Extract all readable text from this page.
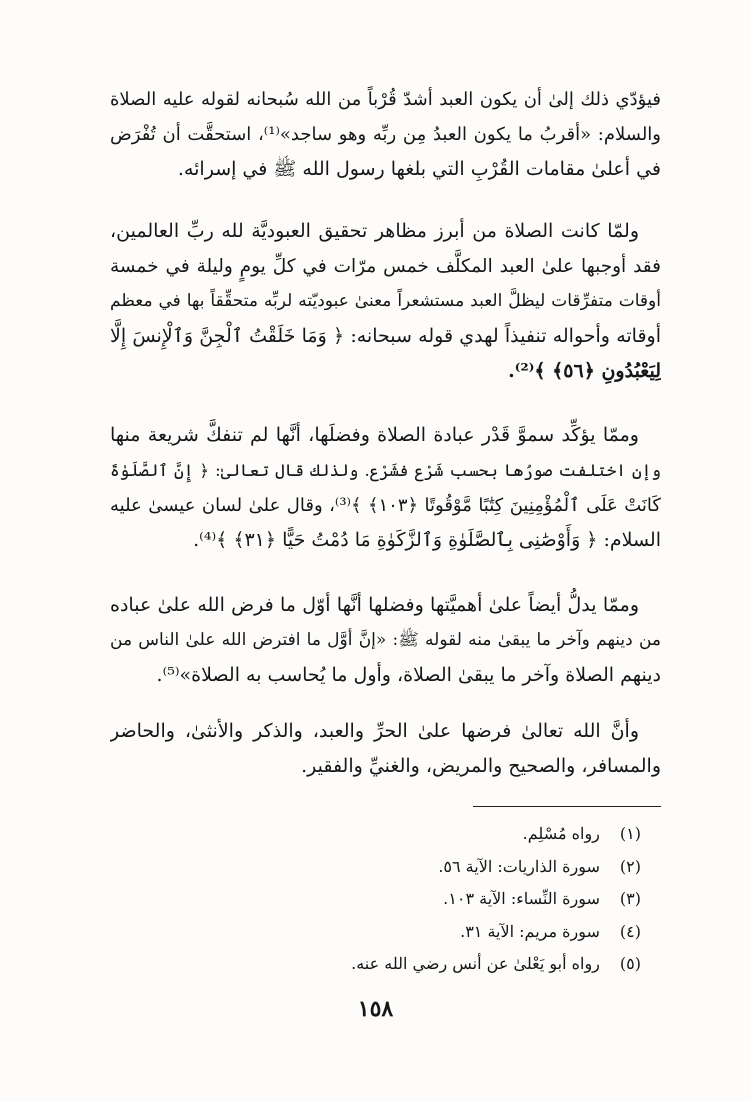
فيؤدّي ذلك إلىٰ أن يكون العبد أشدّ قُرْباً من الله سُبحانه لقوله عليه الصلاة
والسلام: «أقربُ ما يكون العبدُ مِن ربِّه وهو ساجد»⁽¹⁾، استحقَّت أن تُفْرَض
في أعلىٰ مقامات القُرْبِ التي بلغها رسول الله ﷺ في إسرائه.
ولمّا كانت الصلاة من أبرز مظاهر تحقيق العبوديَّة لله ربِّ العالمين،
فقد أوجبها علىٰ العبد المكلَّف خمس مرّات في كلِّ يومٍ وليلة في خمسة
أوقات متفرِّقات ليظلَّ العبد مستشعراً معنىٰ عبوديّته لربِّه متحقِّقاً بها في معظم
أوقاته وأحواله تنفيذاً لهدي قوله سبحانه: ﴿ وَمَا خَلَقْتُ ٱلْجِنَّ وَٱلْإِنسَ إِلَّا
لِيَعْبُدُونِ ﴿٥٦﴾ ﴾⁽²⁾.
وممّا يؤكِّد سموَّ قَدْر عبادة الصلاة وفضلَها، أنَّها لم تنفكَّ شريعة منها
وإن اختلفت صورُها بحسب شَرْع فشَرْع. ولذلك قال تعالىٰ: ﴿ إِنَّ ٱلصَّلَوٰةَ
كَانَتْ عَلَى ٱلْمُؤْمِنِينَ كِتَٰبًا مَّوْقُوتًا ﴿١٠٣﴾ ﴾⁽³⁾، وقال علىٰ لسان عيسىٰ عليه
السلام: ﴿ وَأَوْصَٰنِى بِٱلصَّلَوٰةِ وَٱلزَّكَوٰةِ مَا دُمْتُ حَيًّا ﴿٣١﴾ ﴾⁽⁴⁾.
وممّا يدلُّ أيضاً علىٰ أهميَّتها وفضلها أنَّها أوّل ما فرض الله علىٰ عباده
من دينهم وآخر ما يبقىٰ منه لقوله ﷺ: «إنَّ أوَّل ما افترض الله علىٰ الناس من
دينهم الصلاة وآخر ما يبقىٰ الصلاة، وأول ما يُحاسب به الصلاة»⁽⁵⁾.
وأنَّ الله تعالىٰ فرضها علىٰ الحرِّ والعبد، والذكر والأنثىٰ، والحاضر
والمسافر، والصحيح والمريض، والغنيِّ والفقير.
(١) رواه مُسْلِم.
(٢) سورة الذاريات: الآية ٥٦.
(٣) سورة النِّساء: الآية ١٠٣.
(٤) سورة مريم: الآية ٣١.
(٥) رواه أبو يَعْلىٰ عن أنس رضي الله عنه.
١٥٨
